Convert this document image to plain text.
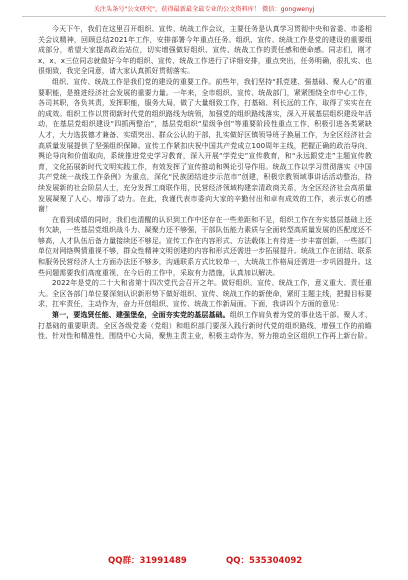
关注头条号"公文研究"，获得最新最全最专业的公文资料库！ 微信：gongwenyj

今天下午，我们在这里召开组织、宣传、统战工作会议，主要任务是认真学习贯彻中央和省委、市委相关会议精神，回顾总结2021年工作，安排部署今年重点任务。组织、宣传、统战工作是党的建设的重要组成部分，希望大家提高政治站位，切实增强做好组织、宣传、统战工作的责任感和使命感。同志们，刚才x、x、x三位同志就做好今年的组织、宣传、统战工作进行了详细安排，重点突出，任务明确，很扎实、也很细致，我完全同意，请大家认真抓好贯彻落实。

组织、宣传、统战工作是我们党的建设的重要工作。前些年，我们坚持“抓党建、强基础、聚人心”的重要职能，是推进经济社会发展的重要力量。一年来，全市组织、宣传、统战部门，紧紧围绕全市中心工作，各司其职，各负其责，发挥职能，服务大局，做了大量细致工作，打基础、利长远的工作，取得了实实在在的成效。组织工作以贯彻新时代党的组织路线为统领，加强党的组织路线落实，深入开展基层组织建设年活动，在基层党组织建设“四抓两整治”，基层党组织“星级争创”等重要阶段性重点工作，积极引进各类紧缺人才，大力选拔德才兼备、实绩突出、群众公认的干部，扎实做好区镇领导班子换届工作，为全区经济社会高质量发展提供了坚强组织保障。宣传工作紧扣庆祝中国共产党成立100周年主线，把握正确的政治导向，舆论导向和价值取向，系统推进党史学习教育，深入开展“学党史”宣传教育，和“永远跟党走”主题宣传教育，文化拓展新时代文明实践工作，有效发挥了宣传推动和舆论引导作用。统战工作以学习贯彻落实《中国共产党统一战线工作条例》为重点，深化“民族团结进步示范市”创建，积极宗教领域事讲话活动整治，持续发展新的社会阶层人士，充分发挥工商联作用，民营经济领域构建亲清政商关系，为全区经济社会高质量发展凝聚了人心、增添了动力。在此，我谨代表市委向大家的辛勤付出和卓有成效的工作，表示衷心的感谢！

在看到成绩的同时，我们也清醒的认识到工作中还存在一些差距和不足，组织工作在夯实基层基础上还有欠缺，一些基层党组织战斗力、凝聚力还不够强，干部队伍能力素质与全面转型高质量发展的匹配度还不够高，人才队伍后备力量接续还不够足。宣传工作在内容形式、方法载体上有待进一步丰富创新，一些部门单位对网络舆情重视不够，群众性精神文明创建的内容和形式还需进一步拓展提升。统战工作在团结、联系和服务民营经济人士方面办法还不够多，沟通联系方式比较单一，大统战工作格局还需进一步巩固提升。这些问题需要我们高度重视，在今后的工作中，采取有力措施，认真加以解决。

2022年是党的二十大和省第十四次党代会召开之年。做好组织、宣传、统战工作，意义重大、责任重大。全区各部门单位要深刻认识新形势下做好组织、宣传、统战工作的新使命，紧盯主题主线，把握目标要求，扛牢责任，主动作为，奋力开创组织、宣传、统战工作新局面。下面，我讲四个方面的意见：

第一，要选贤任能、建强堡垒，全面夯实党的基层基础。组织工作肩负着为党的事业选干部、聚人才、打基础的重要职责。全区各级党委（党组）和组织部门要深入践行新时代党的组织路线，增强工作的前瞻性、针对性和精准性，围绕中心大局，聚焦主责主业，积极主动作为，努力推动全区组织工作再上新台阶。

QQ群：31991489	QQ：535304092
